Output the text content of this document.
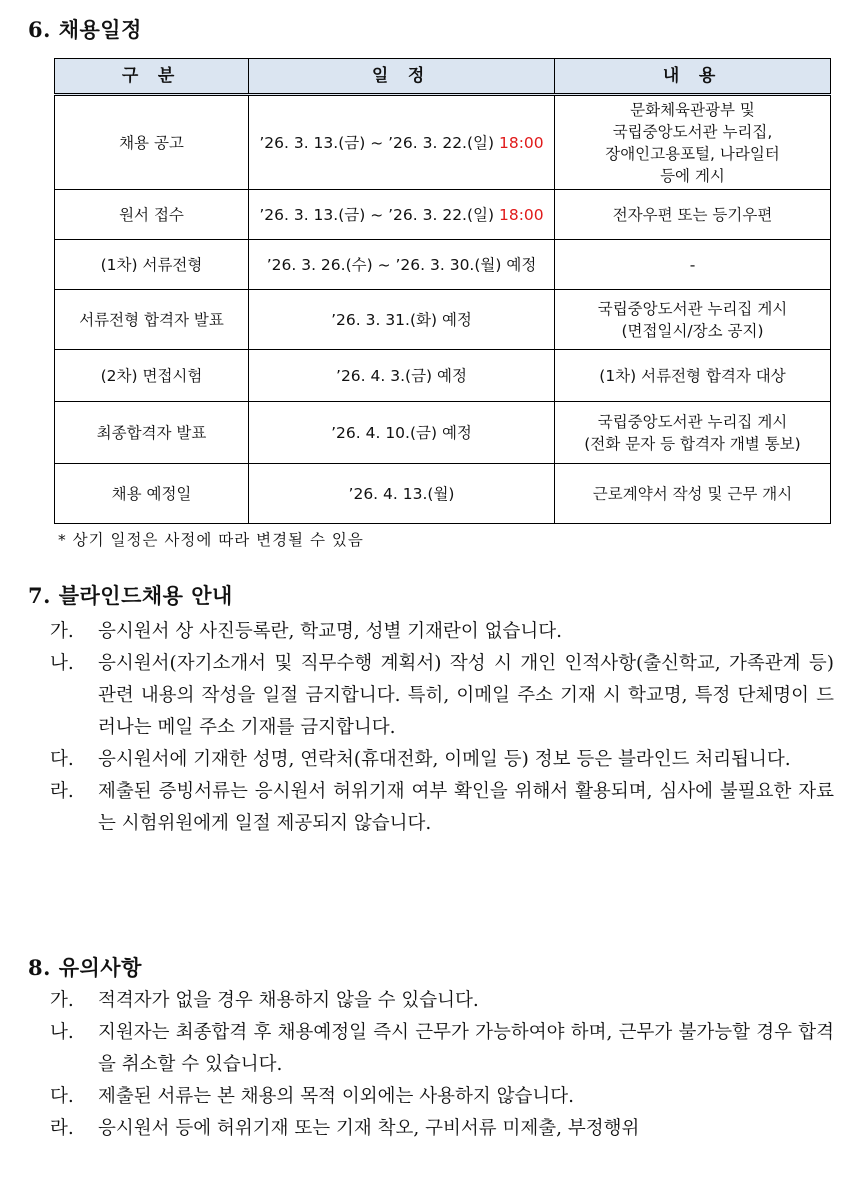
6. 채용일정
구 분	일 정	내 용
채용 공고	’26. 3. 13.(금) ~ ’26. 3. 22.(일) 18:00	문화체육관광부 및
국립중앙도서관 누리집,
장애인고용포털, 나라일터
등에 게시

원서 접수	’26. 3. 13.(금) ~ ’26. 3. 22.(일) 18:00	전자우편 또는 등기우편

(1차) 서류전형	’26. 3. 26.(수) ~ ’26. 3. 30.(월) 예정	-

서류전형 합격자 발표	’26. 3. 31.(화) 예정	국립중앙도서관 누리집 게시
(면접일시/장소 공지)

(2차) 면접시험	’26. 4. 3.(금) 예정	(1차) 서류전형 합격자 대상

최종합격자 발표	’26. 4. 10.(금) 예정	국립중앙도서관 누리집 게시
(전화 문자 등 합격자 개별 통보)

채용 예정일	’26. 4. 13.(월)	근로계약서 작성 및 근무 개시
* 상기 일정은 사정에 따라 변경될 수 있음
7. 블라인드채용 안내
가.	응시원서 상 사진등록란, 학교명, 성별 기재란이 없습니다.
나.	응시원서(자기소개서 및 직무수행 계획서) 작성 시 개인 인적사항(출신학교, 가족관계 등) 관련 내용의 작성을 일절 금지합니다. 특히, 이메일 주소 기재 시 학교명, 특정 단체명이 드러나는 메일 주소 기재를 금지합니다.
다.	응시원서에 기재한 성명, 연락처(휴대전화, 이메일 등) 정보 등은 블라인드 처리됩니다.
라.	제출된 증빙서류는 응시원서 허위기재 여부 확인을 위해서 활용되며, 심사에 불필요한 자료는 시험위원에게 일절 제공되지 않습니다.
8. 유의사항
가.	적격자가 없을 경우 채용하지 않을 수 있습니다.
나.	지원자는 최종합격 후 채용예정일 즉시 근무가 가능하여야 하며, 근무가 불가능할 경우 합격을 취소할 수 있습니다.
다.	제출된 서류는 본 채용의 목적 이외에는 사용하지 않습니다.
라.	응시원서 등에 허위기재 또는 기재 착오, 구비서류 미제출, 부정행위
